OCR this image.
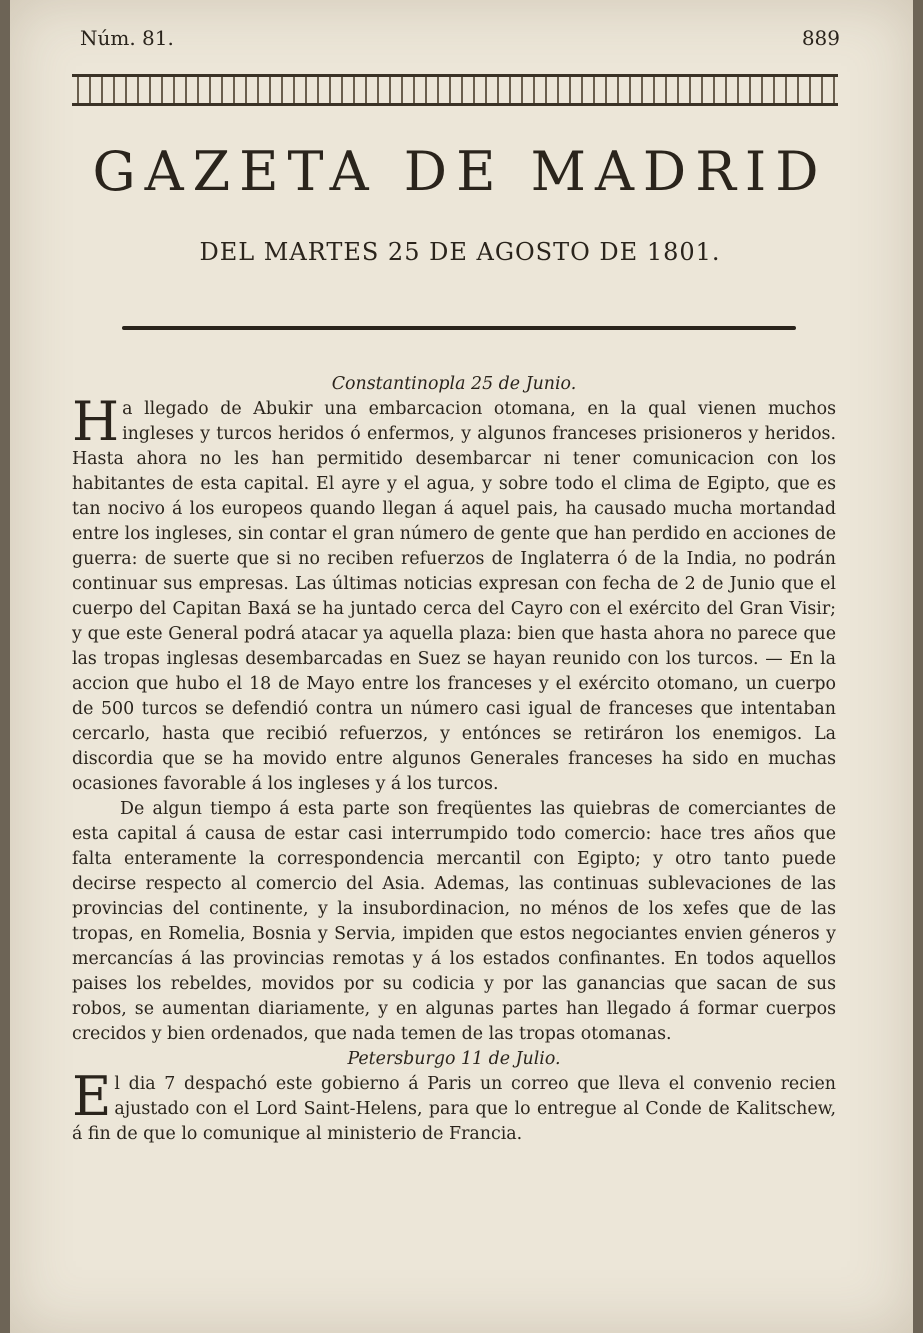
Núm. 81.	889
GAZETA DE MADRID
DEL MARTES 25 DE AGOSTO DE 1801.

Constantinopla 25 de Junio.

Ha llegado de Abukir una embarcacion otomana, en la qual vienen muchos ingleses y turcos heridos ó enfermos, y algunos franceses prisioneros y heridos. Hasta ahora no les han permitido desembarcar ni tener comunicacion con los habitantes de esta capital. El ayre y el agua, y sobre todo el clima de Egipto, que es tan nocivo á los europeos quando llegan á aquel pais, ha causado mucha mortandad entre los ingleses, sin contar el gran número de gente que han perdido en acciones de guerra: de suerte que si no reciben refuerzos de Inglaterra ó de la India, no podrán continuar sus empresas. Las últimas noticias expresan con fecha de 2 de Junio que el cuerpo del Capitan Baxá se ha juntado cerca del Cayro con el exército del Gran Visir; y que este General podrá atacar ya aquella plaza: bien que hasta ahora no parece que las tropas inglesas desembarcadas en Suez se hayan reunido con los turcos. — En la accion que hubo el 18 de Mayo entre los franceses y el exército otomano, un cuerpo de 500 turcos se defendió contra un número casi igual de franceses que intentaban cercarlo, hasta que recibió refuerzos, y entónces se retiráron los enemigos. La discordia que se ha movido entre algunos Generales franceses ha sido en muchas ocasiones favorable á los ingleses y á los turcos.

De algun tiempo á esta parte son freqüentes las quiebras de comerciantes de esta capital á causa de estar casi interrumpido todo comercio: hace tres años que falta enteramente la correspondencia mercantil con Egipto; y otro tanto puede decirse respecto al comercio del Asia. Ademas, las continuas sublevaciones de las provincias del continente, y la insubordinacion, no ménos de los xefes que de las tropas, en Romelia, Bosnia y Servia, impiden que estos negociantes envien géneros y mercancías á las provincias remotas y á los estados confinantes. En todos aquellos paises los rebeldes, movidos por su codicia y por las ganancias que sacan de sus robos, se aumentan diariamente, y en algunas partes han llegado á formar cuerpos crecidos y bien ordenados, que nada temen de las tropas otomanas.

Petersburgo 11 de Julio.

El dia 7 despachó este gobierno á Paris un correo que lleva el convenio recien ajustado con el Lord Saint-Helens, para que lo entregue al Conde de Kalitschew, á fin de que lo comunique al ministerio de Francia.
